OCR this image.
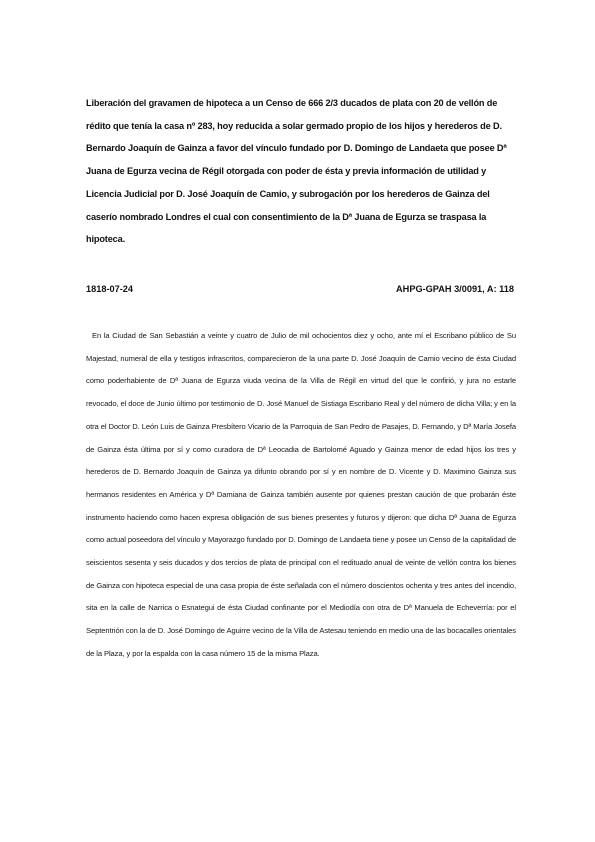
Liberación del gravamen de hipoteca a un Censo de 666 2/3 ducados de plata con 20 de vellón de rédito que tenía la casa nº 283, hoy reducida a solar germado propio de los hijos y herederos de D. Bernardo Joaquín de Gainza a favor del vínculo fundado por D. Domingo de Landaeta que posee Dª Juana de Egurza vecina de Régil otorgada con poder de ésta y previa información de utilidad y Licencia Judicial por D. José Joaquín de Camio, y subrogación por los herederos de Gainza del caserío nombrado Londres el cual con consentimiento de la Dª Juana de Egurza se traspasa la hipoteca.

1818-07-24	AHPG-GPAH 3/0091, A: 118

En la Ciudad de San Sebastián a veinte y cuatro de Julio de mil ochocientos diez y ocho, ante mí el Escribano público de Su Majestad, numeral de ella y testigos infrascritos, comparecieron de la una parte D. José Joaquín de Camio vecino de ésta Ciudad como poderhabiente de Dª Juana de Egurza viuda vecina de la Villa de Régil en virtud del que le confirió, y jura no estarle revocado, el doce de Junio último por testimonio de D. José Manuel de Sistiaga Escribano Real y del número de dicha Villa; y en la otra el Doctor D. León Luis de Gainza Presbítero Vicario de la Parroquia de San Pedro de Pasajes, D. Fernando, y Dª María Josefa de Gainza ésta última por sí y como curadora de Dª Leocadia de Bartolomé Aguado y Gainza menor de edad hijos los tres y herederos de D. Bernardo Joaquín de Gainza ya difunto obrando por sí y en nombre de D. Vicente y D. Maximino Gainza sus hermanos residentes en América y Dª Damiana de Gainza también ausente por quienes prestan caución de que probarán éste instrumento haciendo como hacen expresa obligación de sus bienes presentes y futuros y dijeron: que dicha Dª Juana de Egurza como actual poseedora del vínculo y Mayorazgo fundado por D. Domingo de Landaeta tiene y posee un Censo de la capitalidad de seiscientos sesenta y seis ducados y dos tercios de plata de principal con el redituado anual de veinte de vellón contra los bienes de Gainza con hipoteca especial de una casa propia de éste señalada con el número doscientos ochenta y tres antes del incendio, sita en la calle de Narrica o Esnategui de ésta Ciudad confinante por el Mediodía con otra de Dª Manuela de Echeverría: por el Septentrión con la de D. José Domingo de Aguirre vecino de la Villa de Astesau teniendo en medio una de las bocacalles orientales de la Plaza, y por la espalda con la casa número 15 de la misma Plaza.
